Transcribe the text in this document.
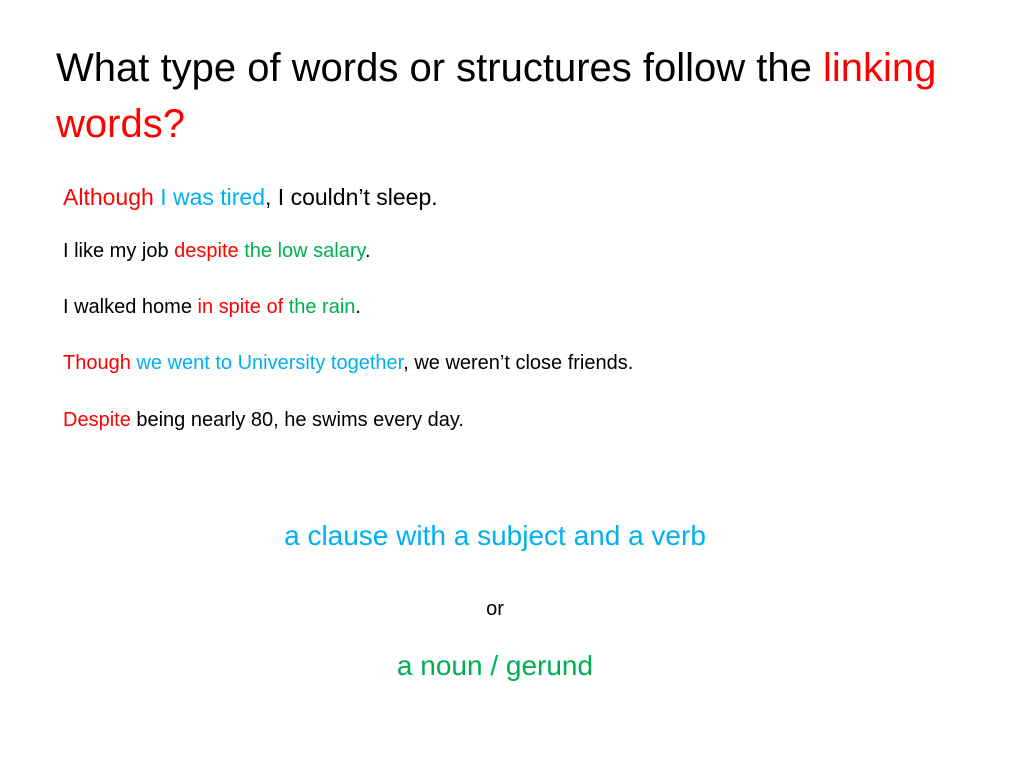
What type of words or structures follow the linking words?
Although I was tired, I couldn’t sleep.
I like my job despite the low salary.
I walked home in spite of the rain.
Though we went to University together, we weren’t close friends.
Despite being nearly 80, he swims every day.
a clause with a subject and a verb
or
a noun / gerund
